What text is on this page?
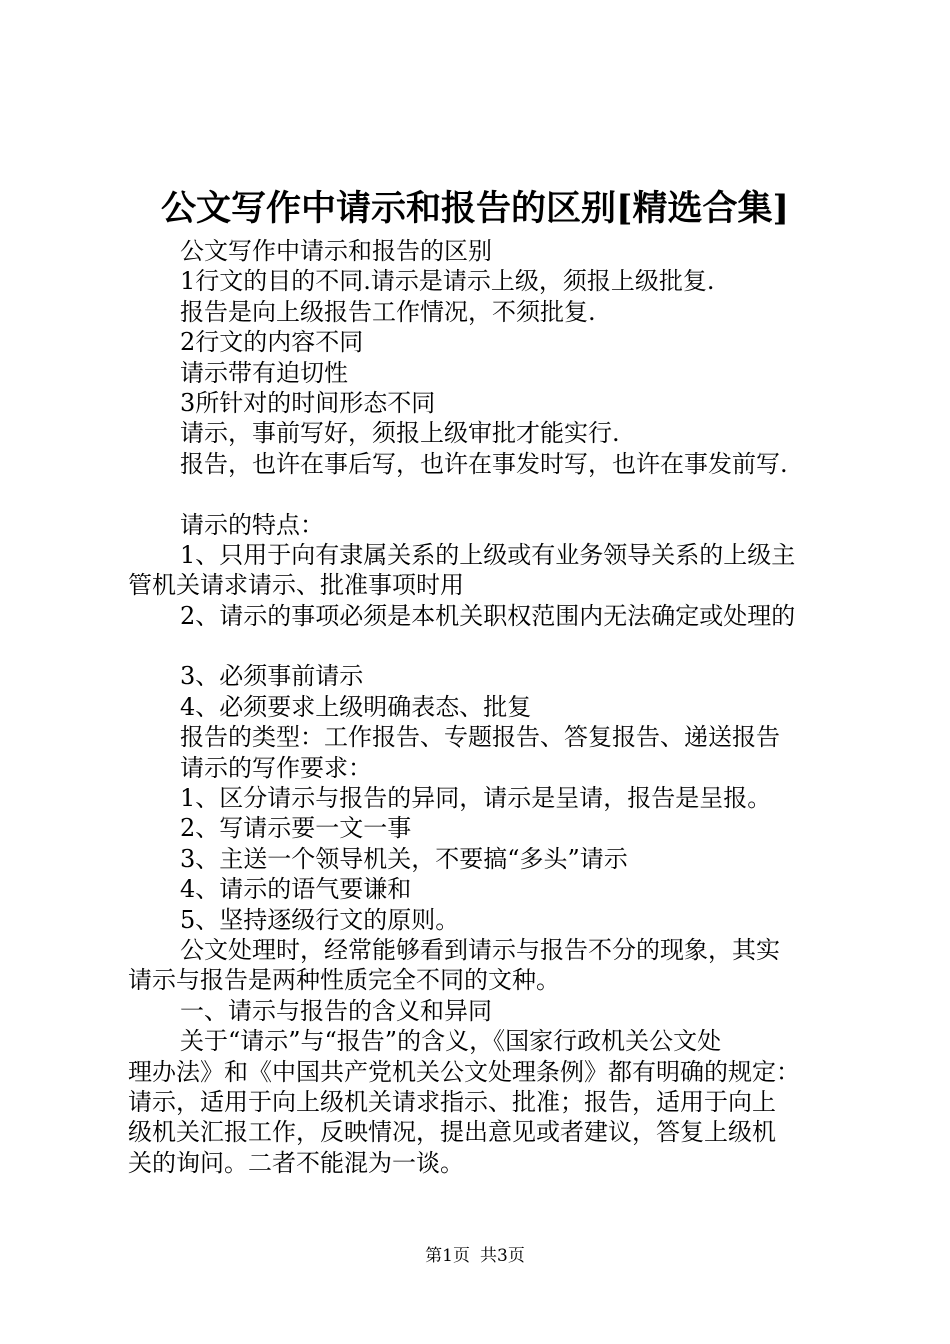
公文写作中请示和报告的区别[精选合集]
公文写作中请示和报告的区别
1行文的目的不同.请示是请示上级，须报上级批复.
报告是向上级报告工作情况，不须批复.
2行文的内容不同
请示带有迫切性
3所针对的时间形态不同
请示，事前写好，须报上级审批才能实行.
报告，也许在事后写，也许在事发时写，也许在事发前写.
请示的特点：
1、只用于向有隶属关系的上级或有业务领导关系的上级主
管机关请求请示、批准事项时用
2、请示的事项必须是本机关职权范围内无法确定或处理的
3、必须事前请示
4、必须要求上级明确表态、批复
报告的类型：工作报告、专题报告、答复报告、递送报告
请示的写作要求：
1、区分请示与报告的异同，请示是呈请，报告是呈报。
2、写请示要一文一事
3、主送一个领导机关，不要搞“多头”请示
4、请示的语气要谦和
5、坚持逐级行文的原则。
公文处理时，经常能够看到请示与报告不分的现象，其实
请示与报告是两种性质完全不同的文种。
一、请示与报告的含义和异同
关于“请示”与“报告”的含义，《国家行政机关公文处
理办法》和《中国共产党机关公文处理条例》都有明确的规定：
请示，适用于向上级机关请求指示、批准；报告，适用于向上
级机关汇报工作，反映情况，提出意见或者建议，答复上级机
关的询问。二者不能混为一谈。
第1页 共3页
